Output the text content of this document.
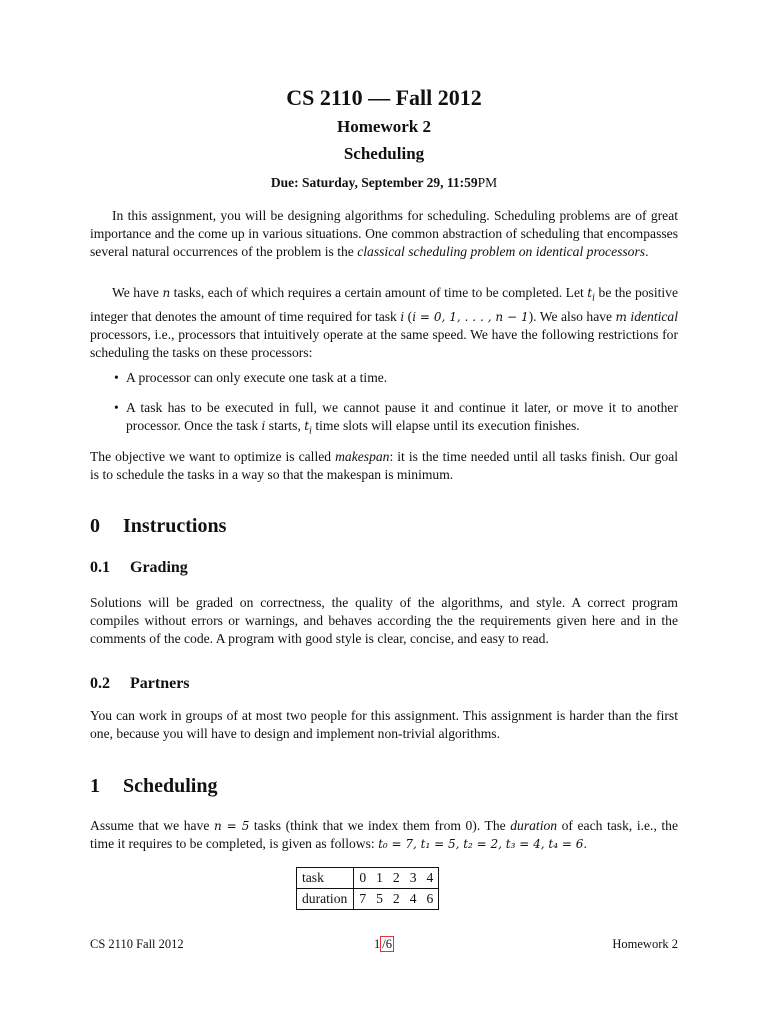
CS 2110 — Fall 2012
Homework 2
Scheduling
Due: Saturday, September 29, 11:59PM

In this assignment, you will be designing algorithms for scheduling. Scheduling problems are of great importance and the come up in various situations. One common abstraction of scheduling that encompasses several natural occurrences of the problem is the classical scheduling problem on identical processors.

We have n tasks, each of which requires a certain amount of time to be completed. Let $t_i$ be the positive integer that denotes the amount of time required for task i (i = 0, 1, . . . , n − 1). We also have m identical processors, i.e., processors that intuitively operate at the same speed. We have the following restrictions for scheduling the tasks on these processors:

• A processor can only execute one task at a time.
• A task has to be executed in full, we cannot pause it and continue it later, or move it to another processor. Once the task i starts, $t_i$ time slots will elapse until its execution finishes.

The objective we want to optimize is called makespan: it is the time needed until all tasks finish. Our goal is to schedule the tasks in a way so that the makespan is minimum.

0 Instructions
0.1 Grading

Solutions will be graded on correctness, the quality of the algorithms, and style. A correct program compiles without errors or warnings, and behaves according the the requirements given here and in the comments of the code. A program with good style is clear, concise, and easy to read.

0.2 Partners

You can work in groups of at most two people for this assignment. This assignment is harder than the first one, because you will have to design and implement non-trivial algorithms.

1 Scheduling

Assume that we have n = 5 tasks (think that we index them from 0). The duration of each task, i.e., the time it requires to be completed, is given as follows: t₀ = 7, t₁ = 5, t₂ = 2, t₃ = 4, t₄ = 6.

task	0	1	2	3	4
duration	7	5	2	4	6
CS 2110 Fall 2012	1 /6	Homework 2
